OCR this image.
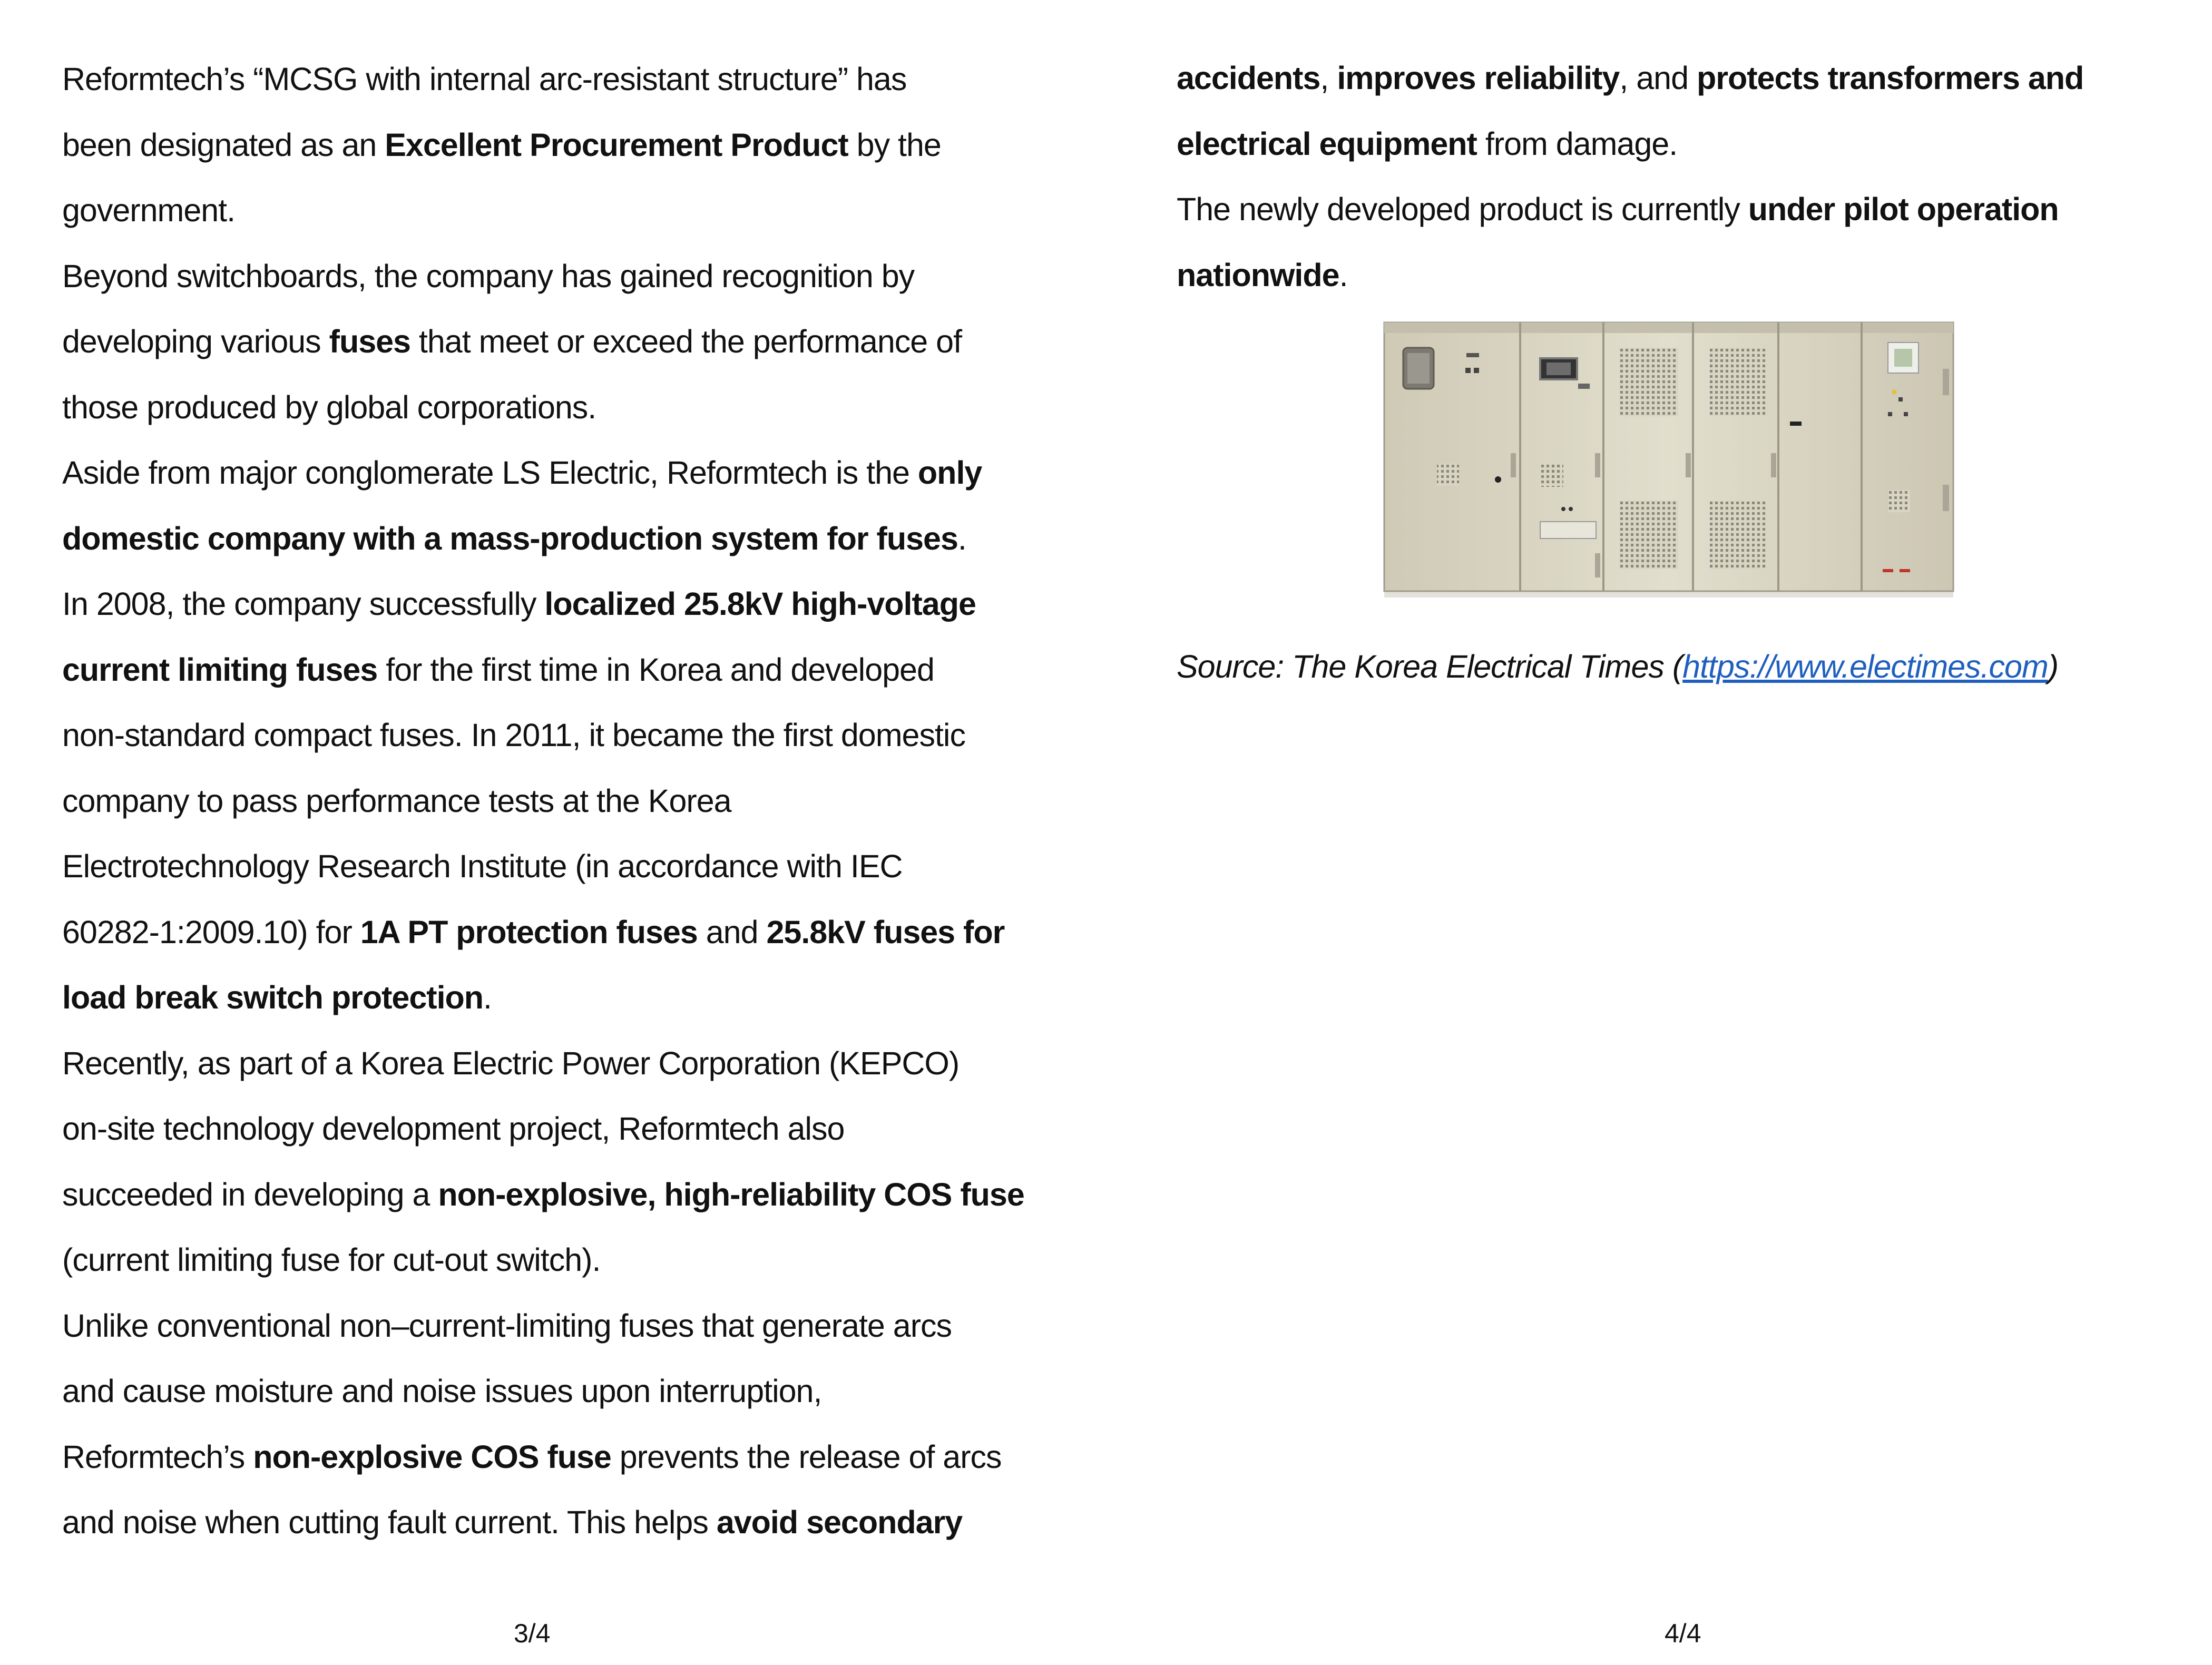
Reformtech’s “MCSG with internal arc-resistant structure” has
been designated as an Excellent Procurement Product by the
government.
Beyond switchboards, the company has gained recognition by
developing various fuses that meet or exceed the performance of
those produced by global corporations.
Aside from major conglomerate LS Electric, Reformtech is the only
domestic company with a mass-production system for fuses.
In 2008, the company successfully localized 25.8kV high-voltage
current limiting fuses for the first time in Korea and developed
non-standard compact fuses. In 2011, it became the first domestic
company to pass performance tests at the Korea
Electrotechnology Research Institute (in accordance with IEC
60282-1:2009.10) for 1A PT protection fuses and 25.8kV fuses for
load break switch protection.
Recently, as part of a Korea Electric Power Corporation (KEPCO)
on-site technology development project, Reformtech also
succeeded in developing a non-explosive, high-reliability COS fuse
(current limiting fuse for cut-out switch).
Unlike conventional non–current-limiting fuses that generate arcs
and cause moisture and noise issues upon interruption,
Reformtech’s non-explosive COS fuse prevents the release of arcs
and noise when cutting fault current. This helps avoid secondary
3/4
accidents, improves reliability, and protects transformers and
electrical equipment from damage.
The newly developed product is currently under pilot operation
nationwide.
Source: The Korea Electrical Times (https://www.electimes.com)
4/4
